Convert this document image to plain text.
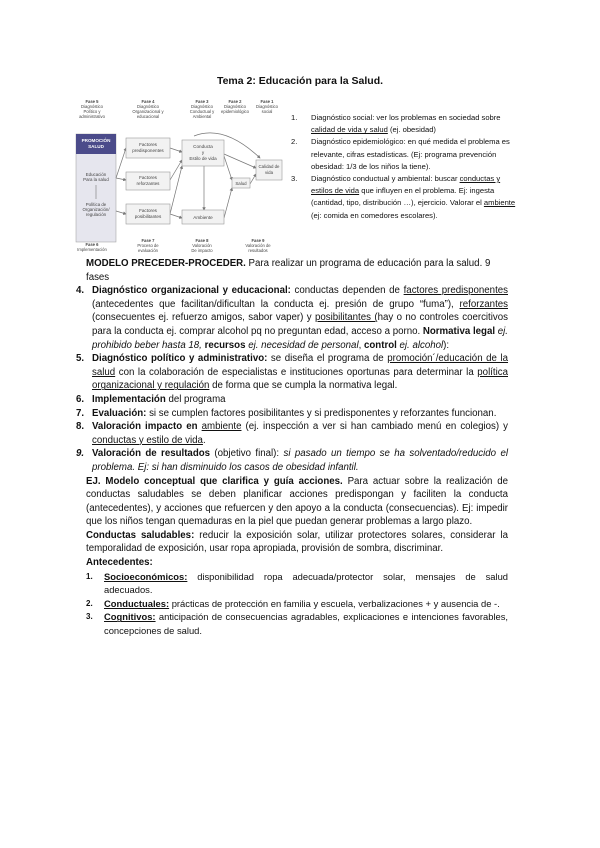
Tema 2: Educación para la Salud.
Fase 5
Diagnóstico
Político y
administrativo
Fase 4
Diagnóstico
Organizacional y
educacional
Fase 3
Diagnóstico
Conductual y
Ambiental
Fase 2
Diagnóstico
epidemiológico
Fase 1
Diagnóstico
social
PROMOCIÓN
SALUD
Educación
Para la salud
Política de
Organización/
regulación
Factores
predisponentes
Factores
reforzantes
Factores
posibilitantes
Conducta
y
Estilo de vida
Ambiente
Salud
Calidad de
vida
Fase 6
Implementación
Fase 7
Proceso de
evaluación
Fase 8
Valoración
De impacto
Fase 9
Valoración de
resultados
1. Diagnóstico social: ver los problemas en sociedad sobre calidad de vida y salud (ej. obesidad)
2. Diagnóstico epidemiológico: en qué medida el problema es relevante, cifras estadísticas. (Ej: programa prevención obesidad: 1/3 de los niños la tiene).
3. Diagnóstico conductual y ambiental: buscar conductas y estilos de vida que influyen en el problema. Ej: ingesta (cantidad, tipo, distribución …), ejercicio. Valorar el ambiente (ej: comida en comedores escolares).

MODELO PRECEDER-PROCEDER. Para realizar un programa de educación para la salud. 9 fases

4. Diagnóstico organizacional y educacional: conductas dependen de factores predisponentes (antecedentes que facilitan/dificultan la conducta ej. presión de grupo “fuma”), reforzantes (consecuentes ej. refuerzo amigos, sabor vaper) y posibilitantes (hay o no controles coercitivos para la conducta ej. comprar alcohol pq no preguntan edad, acceso a porno. Normativa legal ej. prohibido beber hasta 18, recursos ej. necesidad de personal, control ej. alcohol):
5. Diagnóstico político y administrativo: se diseña el programa de promoción´/educación de la salud con la colaboración de especialistas e instituciones oportunas para determinar la política organizacional y regulación de forma que se cumpla la normativa legal.
6. Implementación del programa
7. Evaluación: si se cumplen factores posibilitantes y si predisponentes y reforzantes funcionan.
8. Valoración impacto en ambiente (ej. inspección a ver si han cambiado menú en colegios) y conductas y estilo de vida.
9. Valoración de resultados (objetivo final): si pasado un tiempo se ha solventado/reducido el problema. Ej: si han disminuido los casos de obesidad infantil.

EJ. Modelo conceptual que clarifica y guía acciones. Para actuar sobre la realización de conductas saludables se deben planificar acciones predispongan y faciliten la conducta (antecedentes), y acciones que refuercen y den apoyo a la conducta (consecuencias). Ej: impedir que los niños tengan quemaduras en la piel que puedan generar problemas a largo plazo.

Conductas saludables: reducir la exposición solar, utilizar protectores solares, considerar la temporalidad de exposición, usar ropa apropiada, provisión de sombra, discriminar.

Antecedentes:

1. Socioeconómicos: disponibilidad ropa adecuada/protector solar, mensajes de salud adecuados.
2. Conductuales: prácticas de protección en familia y escuela, verbalizaciones + y ausencia de -.
3. Cognitivos: anticipación de consecuencias agradables, explicaciones e intenciones favorables, concepciones de salud.
